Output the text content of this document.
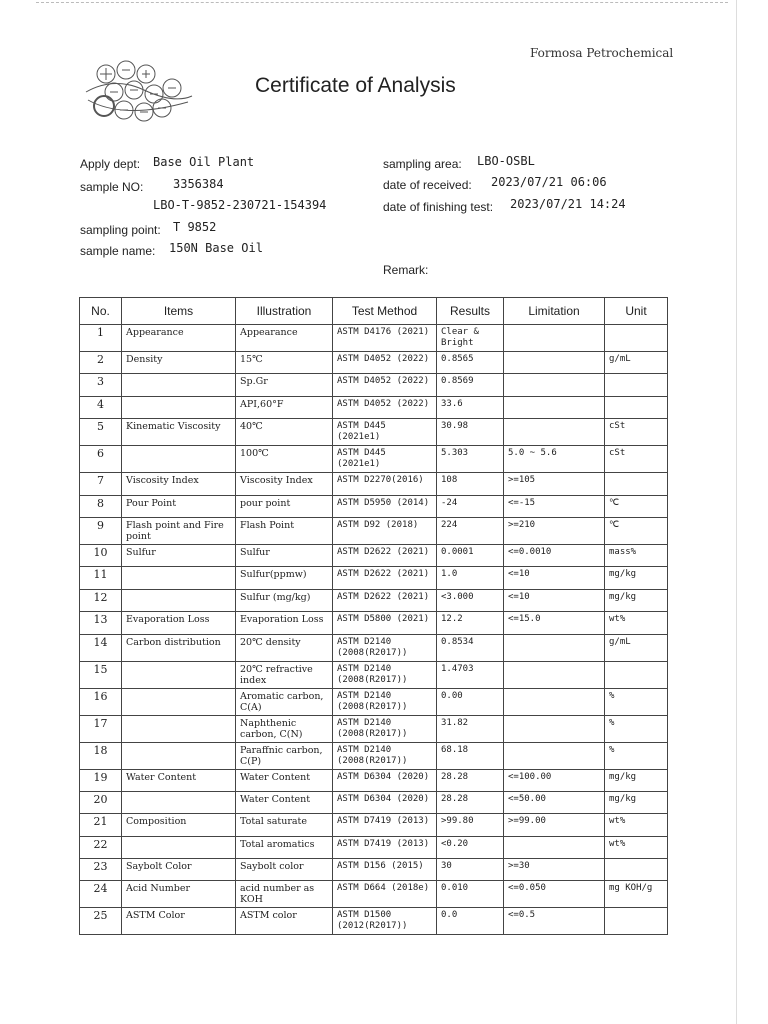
Formosa Petrochemical
Certificate of Analysis
Apply dept: Base Oil Plant
sample NO: 3356384
LBO-T-9852-230721-154394
sampling point: T 9852
sample name: 150N Base Oil
sampling area: LBO-OSBL
date of received: 2023/07/21 06:06
date of finishing test: 2023/07/21 14:24
Remark:
No.	Items	Illustration	Test Method	Results	Limitation	Unit
1	Appearance	Appearance	ASTM D4176 (2021)	Clear & Bright		
2	Density	15℃	ASTM D4052 (2022)	0.8565		g/mL
3		Sp.Gr	ASTM D4052 (2022)	0.8569		
4		API,60°F	ASTM D4052 (2022)	33.6		
5	Kinematic Viscosity	40℃	ASTM D445 (2021e1)	30.98		cSt
6		100℃	ASTM D445 (2021e1)	5.303	5.0 ~ 5.6	cSt
7	Viscosity Index	Viscosity Index	ASTM D2270(2016)	108	>=105	
8	Pour Point	pour point	ASTM D5950 (2014)	-24	<=-15	℃
9	Flash point and Fire point	Flash Point	ASTM D92 (2018)	224	>=210	℃
10	Sulfur	Sulfur	ASTM D2622 (2021)	0.0001	<=0.0010	mass%
11		Sulfur(ppmw)	ASTM D2622 (2021)	1.0	<=10	mg/kg
12		Sulfur (mg/kg)	ASTM D2622 (2021)	<3.000	<=10	mg/kg
13	Evaporation Loss	Evaporation Loss	ASTM D5800 (2021)	12.2	<=15.0	wt%
14	Carbon distribution	20℃ density	ASTM D2140 (2008(R2017))	0.8534		g/mL
15		20℃ refractive index	ASTM D2140 (2008(R2017))	1.4703		
16		Aromatic carbon, C(A)	ASTM D2140 (2008(R2017))	0.00		%
17		Naphthenic carbon, C(N)	ASTM D2140 (2008(R2017))	31.82		%
18		Paraffnic carbon, C(P)	ASTM D2140 (2008(R2017))	68.18		%
19	Water Content	Water Content	ASTM D6304 (2020)	28.28	<=100.00	mg/kg
20		Water Content	ASTM D6304 (2020)	28.28	<=50.00	mg/kg
21	Composition	Total saturate	ASTM D7419 (2013)	>99.80	>=99.00	wt%
22		Total aromatics	ASTM D7419 (2013)	<0.20		wt%
23	Saybolt Color	Saybolt color	ASTM D156 (2015)	30	>=30	
24	Acid Number	acid number as KOH	ASTM D664 (2018e)	0.010	<=0.050	mg KOH/g
25	ASTM Color	ASTM color	ASTM D1500 (2012(R2017))	0.0	<=0.5	
